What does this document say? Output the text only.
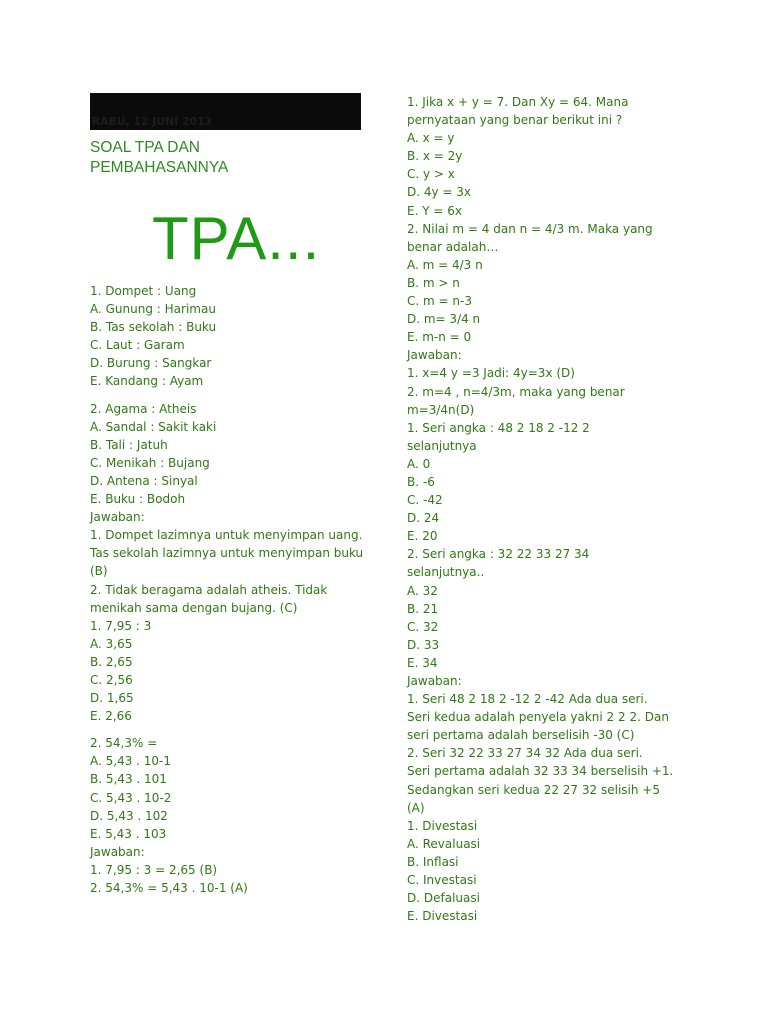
RABU, 12 JUNI 2013
SOAL TPA DAN
PEMBAHASANNYA
TPA...
1. Dompet : Uang
A. Gunung : Harimau
B. Tas sekolah : Buku
C. Laut : Garam
D. Burung : Sangkar
E. Kandang : Ayam
2. Agama : Atheis
A. Sandal : Sakit kaki
B. Tali : Jatuh
C. Menikah : Bujang
D. Antena : Sinyal
E. Buku : Bodoh
Jawaban:
1. Dompet lazimnya untuk menyimpan uang.
Tas sekolah lazimnya untuk menyimpan buku
(B)
2. Tidak beragama adalah atheis. Tidak
menikah sama dengan bujang. (C)
1. 7,95 : 3
A. 3,65
B. 2,65
C. 2,56
D. 1,65
E. 2,66
2. 54,3% =
A. 5,43 . 10-1
B. 5,43 . 101
C. 5,43 . 10-2
D. 5,43 . 102
E. 5,43 . 103
Jawaban:
1. 7,95 : 3 = 2,65 (B)
2. 54,3% = 5,43 . 10-1 (A)
1. Jika x + y = 7. Dan Xy = 64. Mana
pernyataan yang benar berikut ini ?
A. x = y
B. x = 2y
C. y > x
D. 4y = 3x
E. Y = 6x
2. Nilai m = 4 dan n = 4/3 m. Maka yang
benar adalah…
A. m = 4/3 n
B. m > n
C. m = n-3
D. m= 3/4 n
E. m-n = 0
Jawaban:
1. x=4 y =3 Jadi: 4y=3x (D)
2. m=4 , n=4/3m, maka yang benar
m=3/4n(D)
1. Seri angka : 48 2 18 2 -12 2
selanjutnya
A. 0
B. -6
C. -42
D. 24
E. 20
2. Seri angka : 32 22 33 27 34
selanjutnya..
A. 32
B. 21
C. 32
D. 33
E. 34
Jawaban:
1. Seri 48 2 18 2 -12 2 -42 Ada dua seri.
Seri kedua adalah penyela yakni 2 2 2. Dan
seri pertama adalah berselisih -30 (C)
2. Seri 32 22 33 27 34 32 Ada dua seri.
Seri pertama adalah 32 33 34 berselisih +1.
Sedangkan seri kedua 22 27 32 selisih +5
(A)
1. Divestasi
A. Revaluasi
B. Inflasi
C. Investasi
D. Defaluasi
E. Divestasi
